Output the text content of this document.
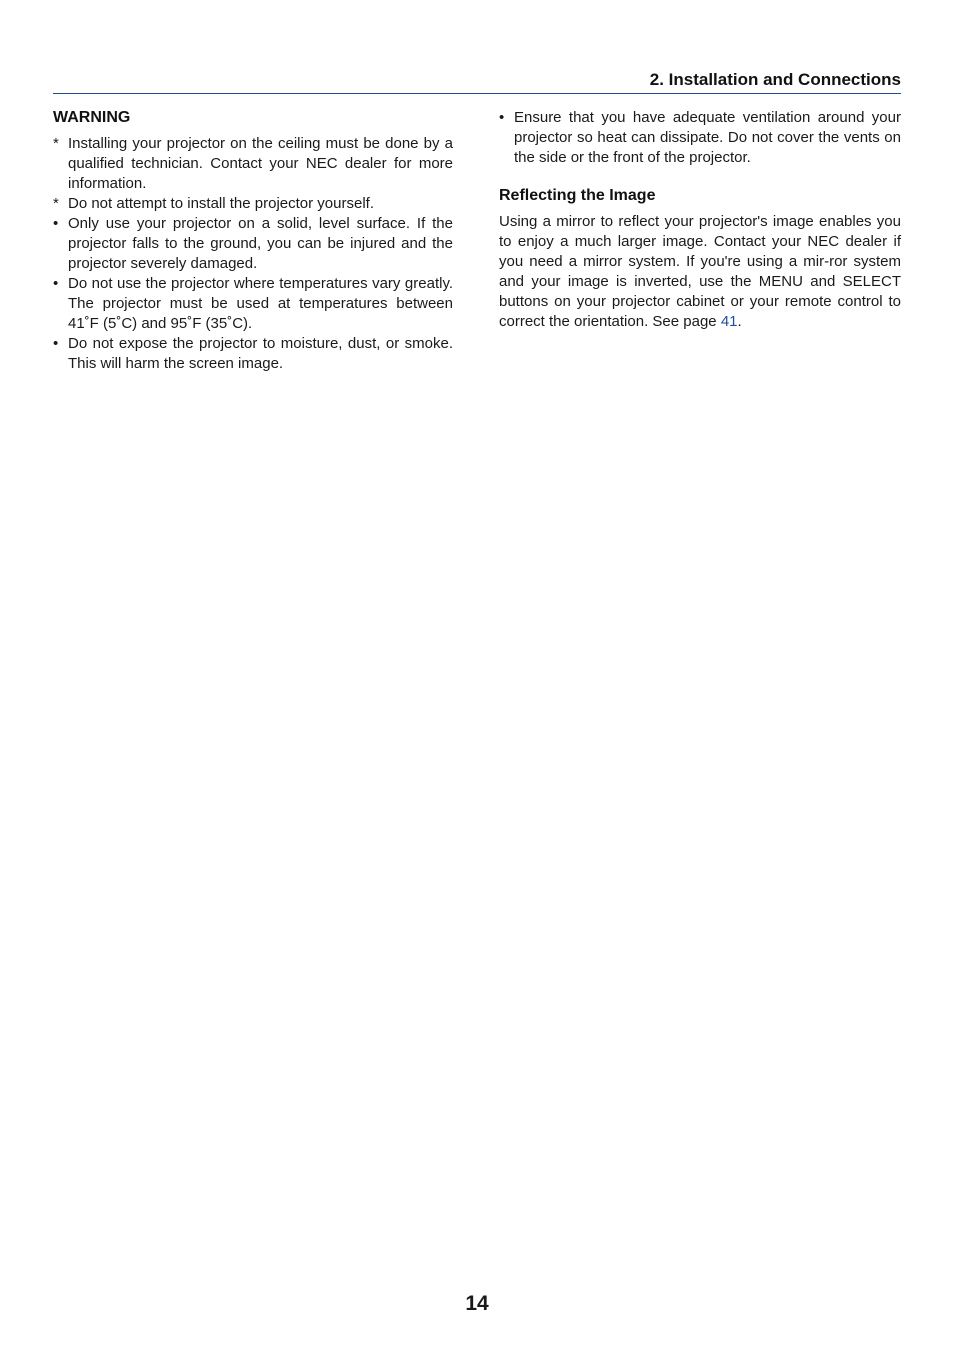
2. Installation and Connections
WARNING
* Installing your projector on the ceiling must be done by a qualified technician. Contact your NEC dealer for more information.
* Do not attempt to install the projector yourself.
• Only use your projector on a solid, level surface. If the projector falls to the ground, you can be injured and the projector severely damaged.
• Do not use the projector where temperatures vary greatly. The projector must be used at temperatures between 41˚F (5˚C) and 95˚F (35˚C).
• Do not expose the projector to moisture, dust, or smoke. This will harm the screen image.
• Ensure that you have adequate ventilation around your projector so heat can dissipate. Do not cover the vents on the side or the front of the projector.
Reflecting the Image

Using a mirror to reflect your projector's image enables you to enjoy a much larger image. Contact your NEC dealer if you need a mirror system. If you're using a mir-ror system and your image is inverted, use the MENU and SELECT buttons on your projector cabinet or your remote control to correct the orientation. See page 41.

14
